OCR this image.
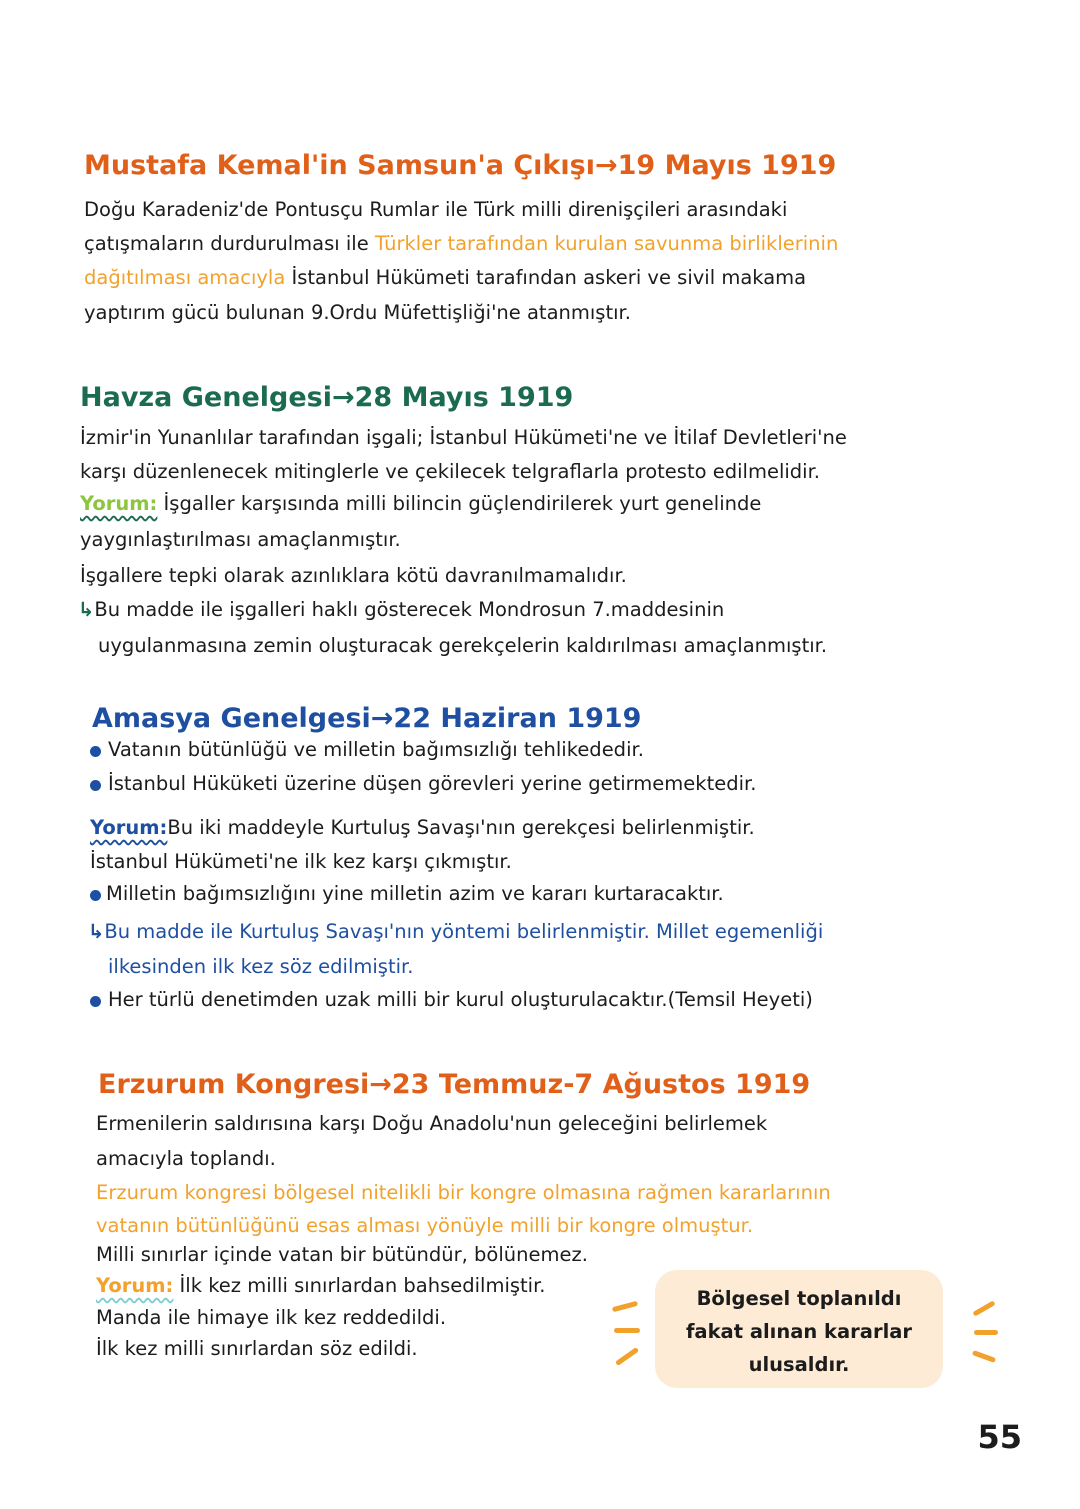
Mustafa Kemal'in Samsun'a Çıkışı→19 Mayıs 1919
Doğu Karadeniz'de Pontusçu Rumlar ile Türk milli direnişçileri arasındaki
çatışmaların durdurulması ile Türkler tarafından kurulan savunma birliklerinin
dağıtılması amacıyla İstanbul Hükümeti tarafından askeri ve sivil makama
yaptırım gücü bulunan 9.Ordu Müfettişliği'ne atanmıştır.
Havza Genelgesi→28 Mayıs 1919
İzmir'in Yunanlılar tarafından işgali; İstanbul Hükümeti'ne ve İtilaf Devletleri'ne
karşı düzenlenecek mitinglerle ve çekilecek telgraflarla protesto edilmelidir.
Yorum: İşgaller karşısında milli bilincin güçlendirilerek yurt genelinde
yaygınlaştırılması amaçlanmıştır.
İşgallere tepki olarak azınlıklara kötü davranılmamalıdır.
↳Bu madde ile işgalleri haklı gösterecek Mondrosun 7.maddesinin
uygulanmasına zemin oluşturacak gerekçelerin kaldırılması amaçlanmıştır.
Amasya Genelgesi→22 Haziran 1919
Vatanın bütünlüğü ve milletin bağımsızlığı tehlikededir.
İstanbul Hüküketi üzerine düşen görevleri yerine getirmemektedir.
Yorum:Bu iki maddeyle Kurtuluş Savaşı'nın gerekçesi belirlenmiştir.
İstanbul Hükümeti'ne ilk kez karşı çıkmıştır.
Milletin bağımsızlığını yine milletin azim ve kararı kurtaracaktır.
↳Bu madde ile Kurtuluş Savaşı'nın yöntemi belirlenmiştir. Millet egemenliği
ilkesinden ilk kez söz edilmiştir.
Her türlü denetimden uzak milli bir kurul oluşturulacaktır.(Temsil Heyeti)
Erzurum Kongresi→23 Temmuz-7 Ağustos 1919
Ermenilerin saldırısına karşı Doğu Anadolu'nun geleceğini belirlemek
amacıyla toplandı.
Erzurum kongresi bölgesel nitelikli bir kongre olmasına rağmen kararlarının
vatanın bütünlüğünü esas alması yönüyle milli bir kongre olmuştur.
Milli sınırlar içinde vatan bir bütündür, bölünemez.
Yorum: İlk kez milli sınırlardan bahsedilmiştir.
Manda ile himaye ilk kez reddedildi.
İlk kez milli sınırlardan söz edildi.
Bölgesel toplanıldı
fakat alınan kararlar
ulusaldır.
55
